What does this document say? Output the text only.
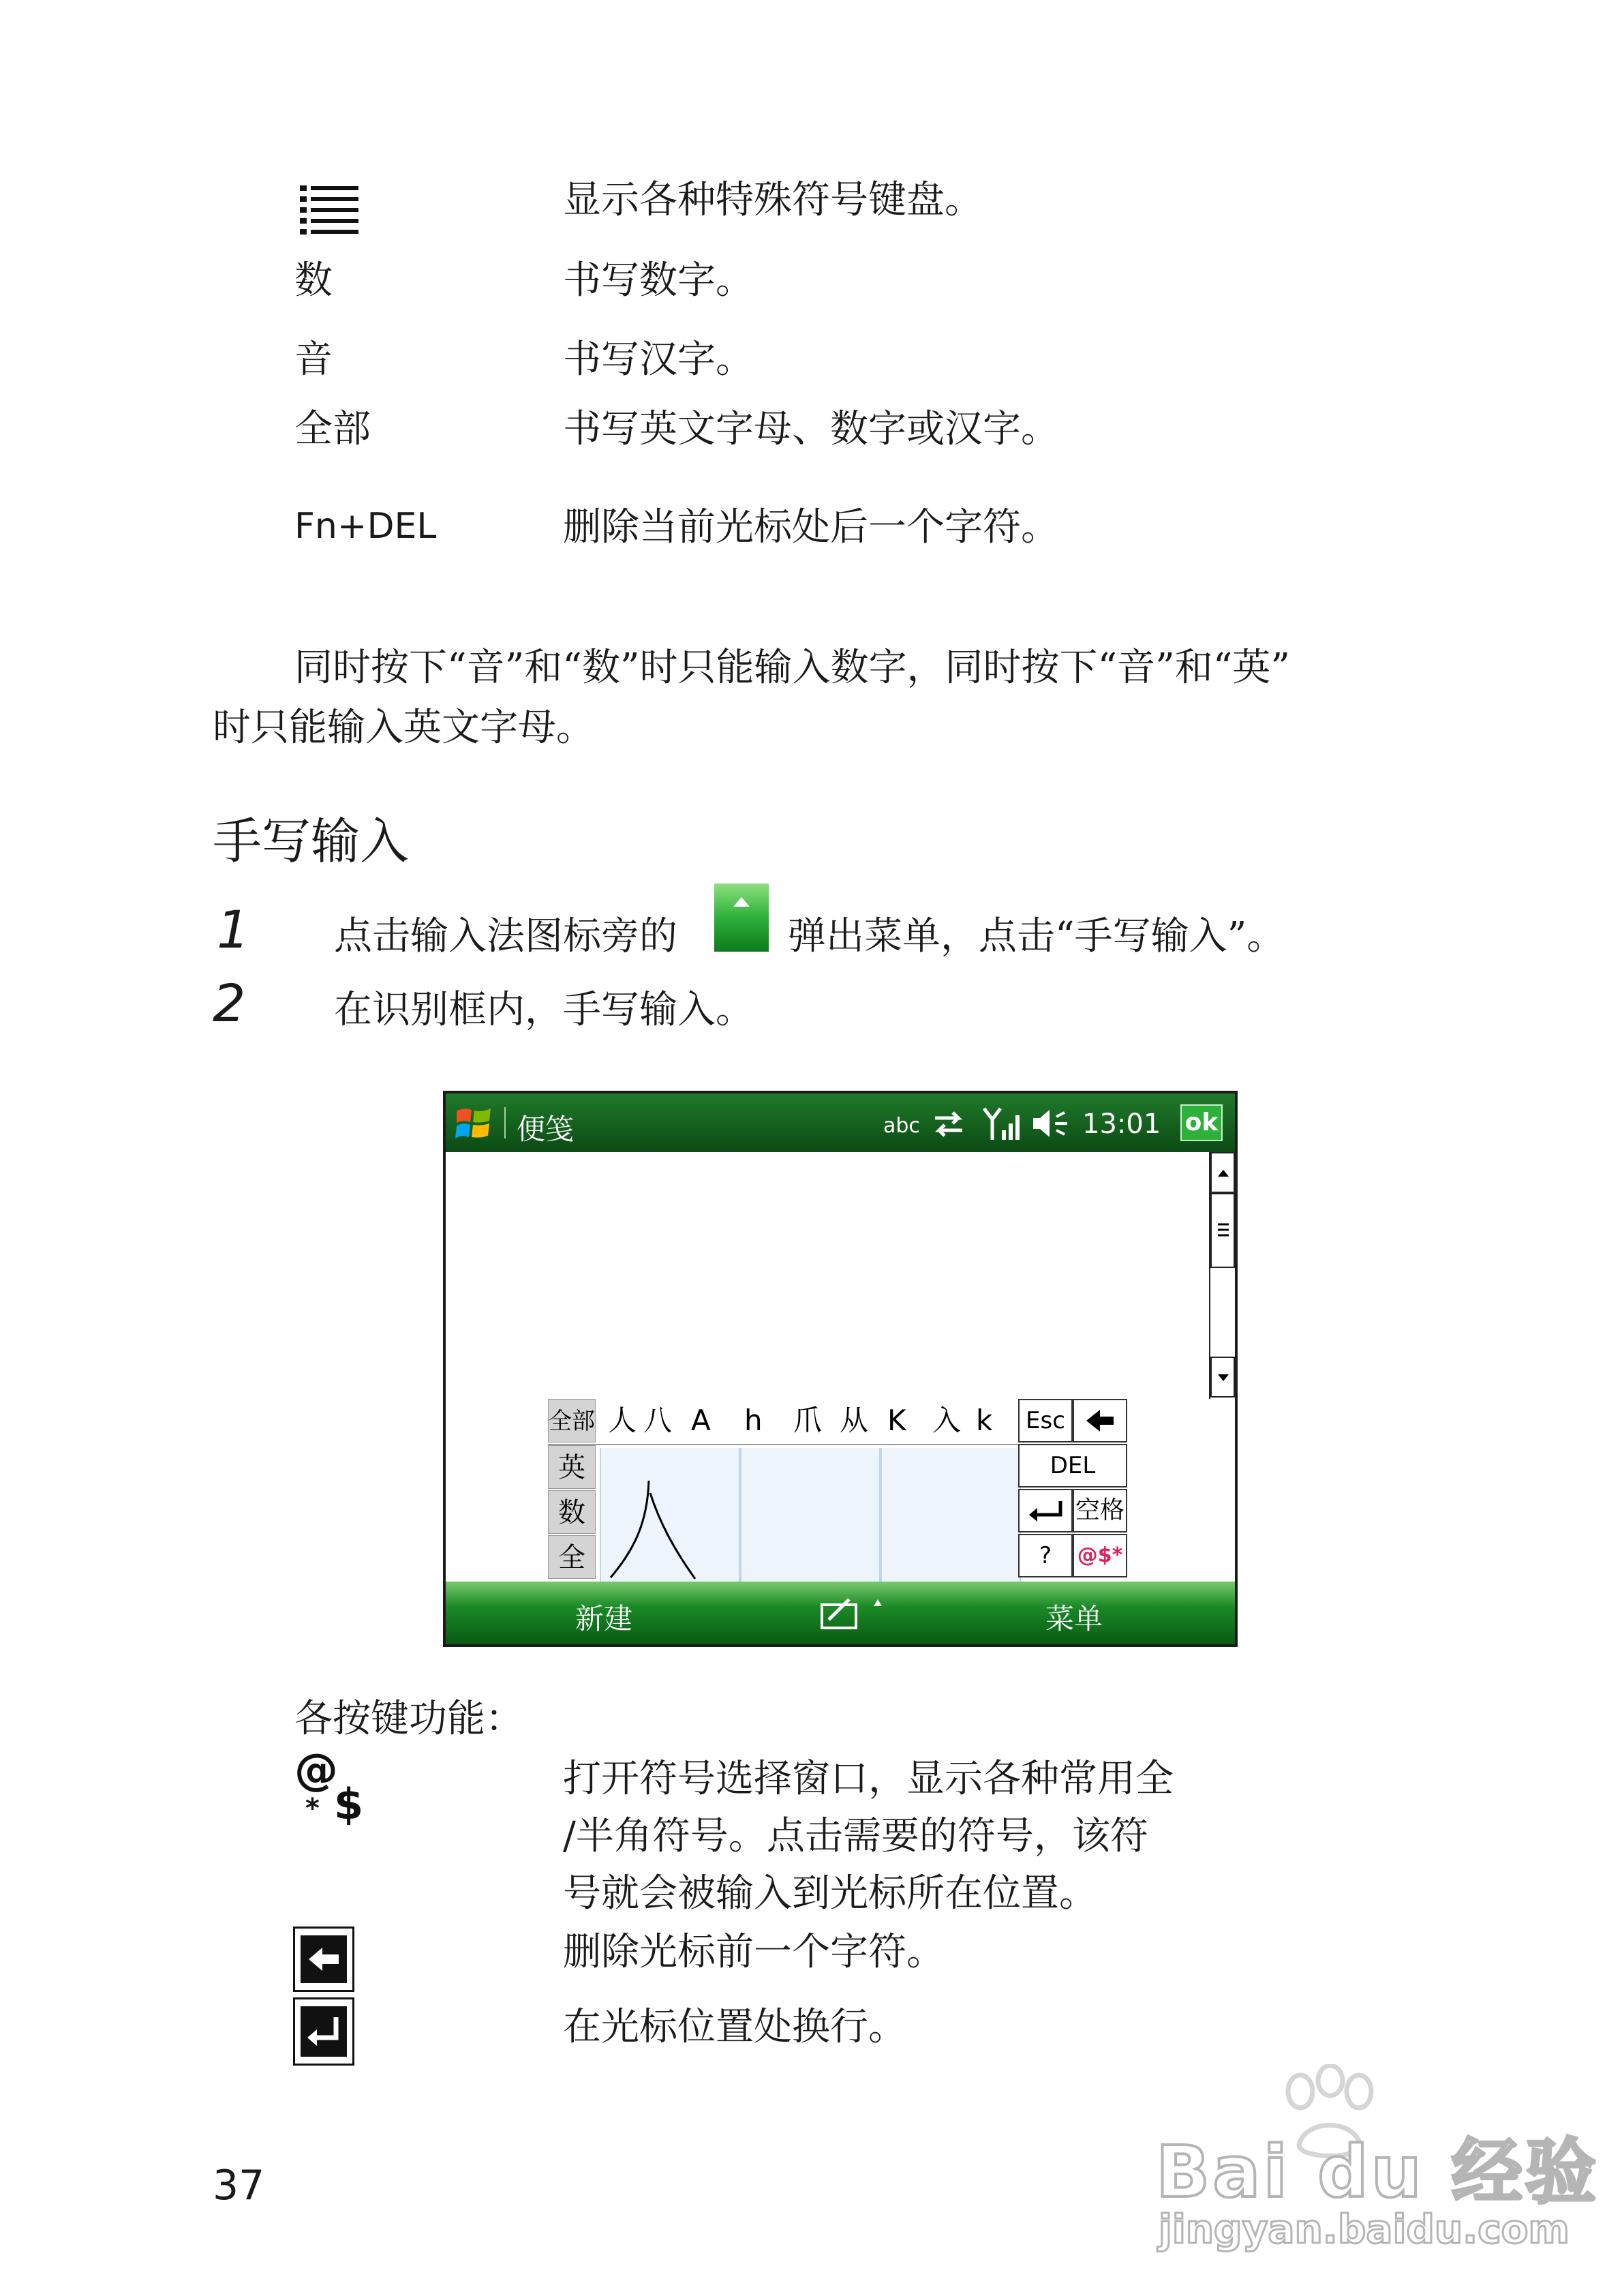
显示各种特殊符号键盘。
数	书写数字。
音	书写汉字。
全部	书写英文字母、数字或汉字。
Fn+DEL	删除当前光标处后一个字符。
同时按下“音”和“数”时只能输入数字，同时按下“音”和“英”
时只能输入英文字母。
手写输入
1 点击输入法图标旁的	弹出菜单，点击“手写输入”。
2 在识别框内，手写输入。
便笺	abc	13:01 ok
全部
英
数
全
Esc
DEL
空格
?	@$*
人 八 A h 爪 从 K 入 k
新建	菜单
各按键功能：
@
* $
打开符号选择窗口，显示各种常用全
/半角符号。点击需要的符号，该符
号就会被输入到光标所在位置。
删除光标前一个字符。
在光标位置处换行。
37	Bai du 经验
jingyan.baidu.com
